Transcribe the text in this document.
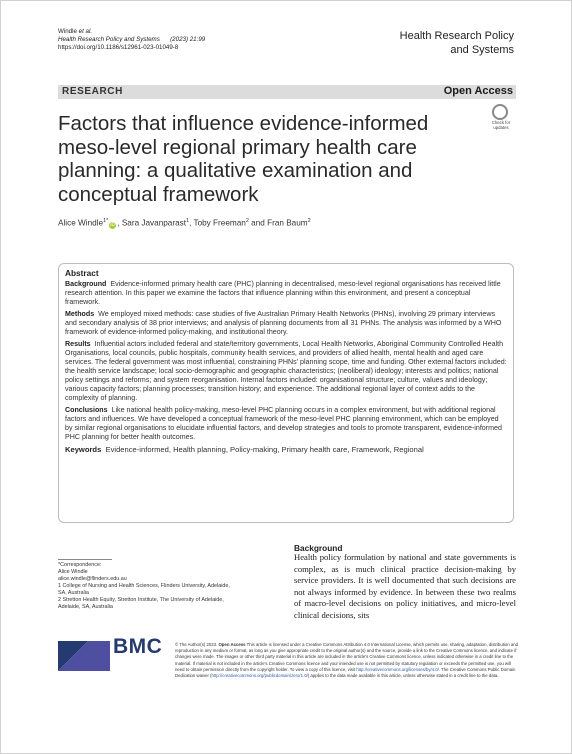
Windle et al.
Health Research Policy and Systems (2023) 21:99
https://doi.org/10.1186/s12961-023-01049-8
Health Research Policy
and Systems
RESEARCH	Open Access
Check for
updates
Factors that influence evidence-informed meso-level regional primary health care planning: a qualitative examination and conceptual framework
Alice Windle$^{1*}$iD , Sara Javanparast$^1$, Toby Freeman$^2$ and Fran Baum$^2$
Abstract

Background Evidence-informed primary health care (PHC) planning in decentralised, meso-level regional organisations has received little research attention. In this paper we examine the factors that influence planning within this environment, and present a conceptual framework.

Methods We employed mixed methods: case studies of five Australian Primary Health Networks (PHNs), involving 29 primary interviews and secondary analysis of 38 prior interviews; and analysis of planning documents from all 31 PHNs. The analysis was informed by a WHO framework of evidence-informed policy-making, and institutional theory.

Results Influential actors included federal and state/territory governments, Local Health Networks, Aboriginal Community Controlled Health Organisations, local councils, public hospitals, community health services, and providers of allied health, mental health and aged care services. The federal government was most influential, constraining PHNs' planning scope, time and funding. Other external factors included: the health service landscape; local socio-demographic and geographic characteristics; (neoliberal) ideology; interests and politics; national policy settings and reforms; and system reorganisation. Internal factors included: organisational structure; culture, values and ideology; various capacity factors; planning processes; transition history; and experience. The additional regional layer of context adds to the complexity of planning.

Conclusions Like national health policy-making, meso-level PHC planning occurs in a complex environment, but with additional regional factors and influences. We have developed a conceptual framework of the meso-level PHC planning environment, which can be employed by similar regional organisations to elucidate influential factors, and develop strategies and tools to promote transparent, evidence-informed PHC planning for better health outcomes.

Keywords Evidence-informed, Health planning, Policy-making, Primary health care, Framework, Regional

*Correspondence:
Alice Windle
alice.windle@flinders.edu.au
1 College of Nursing and Health Sciences, Flinders University, Adelaide,
SA, Australia
2 Stretton Health Equity, Stretton Institute, The University of Adelaide,
Adelaide, SA, Australia
Background
Health policy formulation by national and state governments is complex, as is much clinical practice decision-making by service providers. It is well documented that such decisions are not always informed by evidence. In between these two realms of macro-level decisions on policy initiatives, and micro-level clinical decisions, sits
BMC	© The Author(s) 2023. Open Access This article is licensed under a Creative Commons Attribution 4.0 International License, which permits use, sharing, adaptation, distribution and reproduction in any medium or format, as long as you give appropriate credit to the original author(s) and the source, provide a link to the Creative Commons licence, and indicate if changes were made. The images or other third party material in this article are included in the article's Creative Commons licence, unless indicated otherwise in a credit line to the material. If material is not included in the article's Creative Commons licence and your intended use is not permitted by statutory regulation or exceeds the permitted use, you will need to obtain permission directly from the copyright holder. To view a copy of this licence, visit http://creativecommons.org/licenses/by/4.0/. The Creative Commons Public Domain Dedication waiver (http://creativecommons.org/publicdomain/zero/1.0/) applies to the data made available in this article, unless otherwise stated in a credit line to the data.
